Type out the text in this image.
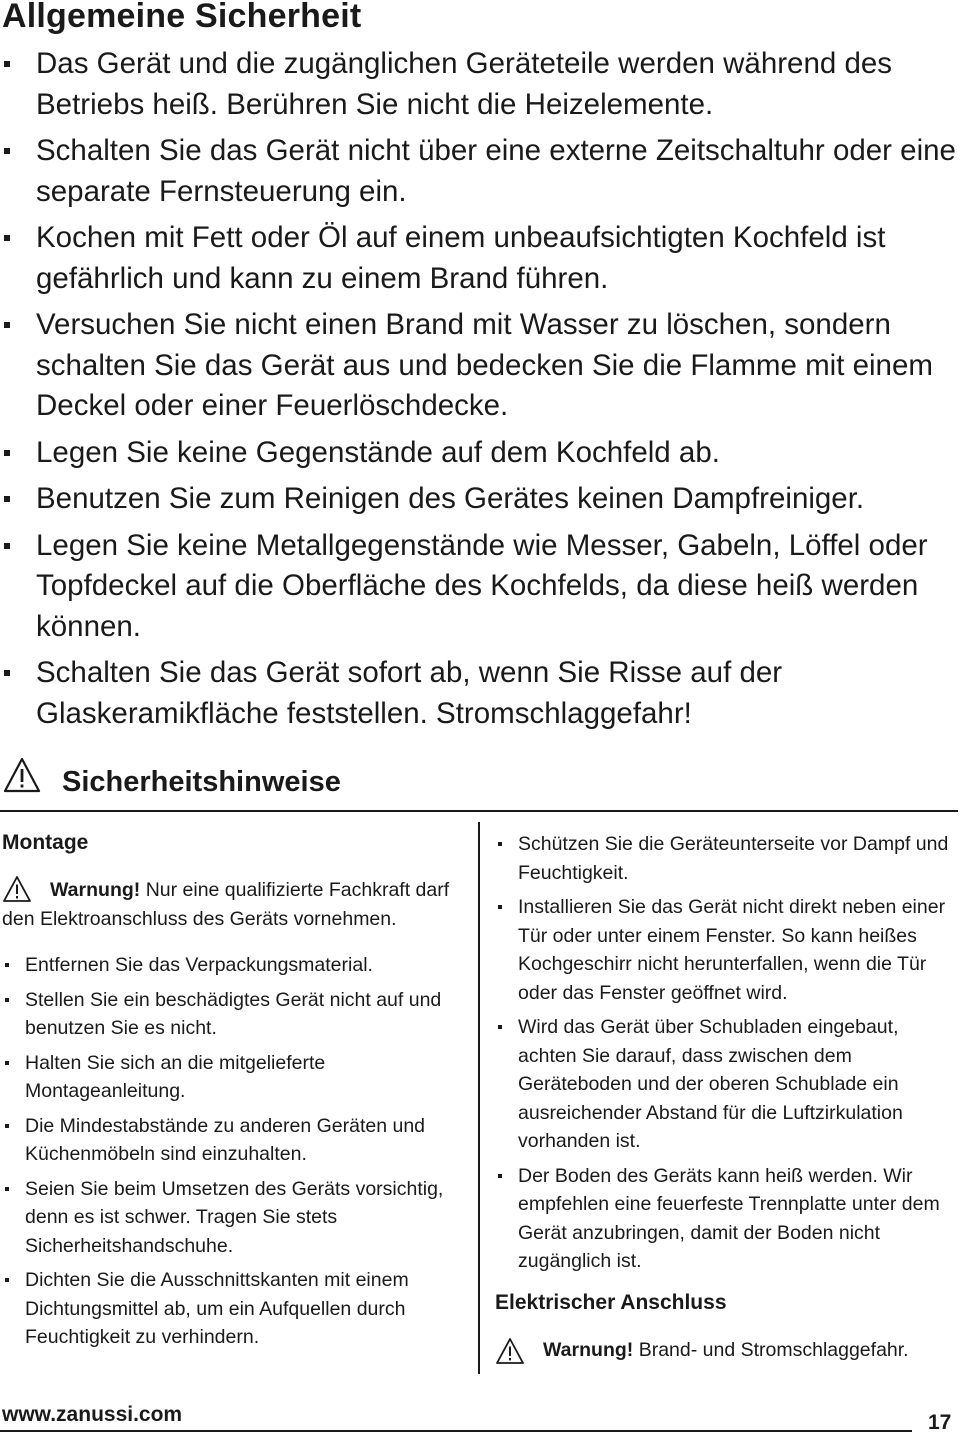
Allgemeine Sicherheit
Das Gerät und die zugänglichen Geräteteile werden während des Betriebs heiß. Berühren Sie nicht die Heizelemente.
Schalten Sie das Gerät nicht über eine externe Zeitschaltuhr oder eine separate Fernsteuerung ein.
Kochen mit Fett oder Öl auf einem unbeaufsichtigten Kochfeld ist gefährlich und kann zu einem Brand führen.
Versuchen Sie nicht einen Brand mit Wasser zu löschen, sondern schalten Sie das Gerät aus und bedecken Sie die Flamme mit einem Deckel oder einer Feuerlöschdecke.
Legen Sie keine Gegenstände auf dem Kochfeld ab.
Benutzen Sie zum Reinigen des Gerätes keinen Dampfreiniger.
Legen Sie keine Metallgegenstände wie Messer, Gabeln, Löffel oder Topfdeckel auf die Oberfläche des Kochfelds, da diese heiß werden können.
Schalten Sie das Gerät sofort ab, wenn Sie Risse auf der Glaskeramikfläche feststellen. Stromschlaggefahr!
Sicherheitshinweise
Montage
Warnung! Nur eine qualifizierte Fachkraft darf den Elektroanschluss des Geräts vornehmen.
Entfernen Sie das Verpackungsmaterial.
Stellen Sie ein beschädigtes Gerät nicht auf und benutzen Sie es nicht.
Halten Sie sich an die mitgelieferte Montageanleitung.
Die Mindestabstände zu anderen Geräten und Küchenmöbeln sind einzuhalten.
Seien Sie beim Umsetzen des Geräts vorsichtig, denn es ist schwer. Tragen Sie stets Sicherheitshandschuhe.
Dichten Sie die Ausschnittskanten mit einem Dichtungsmittel ab, um ein Aufquellen durch Feuchtigkeit zu verhindern.
Schützen Sie die Geräteunterseite vor Dampf und Feuchtigkeit.
Installieren Sie das Gerät nicht direkt neben einer Tür oder unter einem Fenster. So kann heißes Kochgeschirr nicht herunterfallen, wenn die Tür oder das Fenster geöffnet wird.
Wird das Gerät über Schubladen eingebaut, achten Sie darauf, dass zwischen dem Geräteboden und der oberen Schublade ein ausreichender Abstand für die Luftzirkulation vorhanden ist.
Der Boden des Geräts kann heiß werden. Wir empfehlen eine feuerfeste Trennplatte unter dem Gerät anzubringen, damit der Boden nicht zugänglich ist.
Elektrischer Anschluss
Warnung! Brand- und Stromschlaggefahr.
www.zanussi.com	17
